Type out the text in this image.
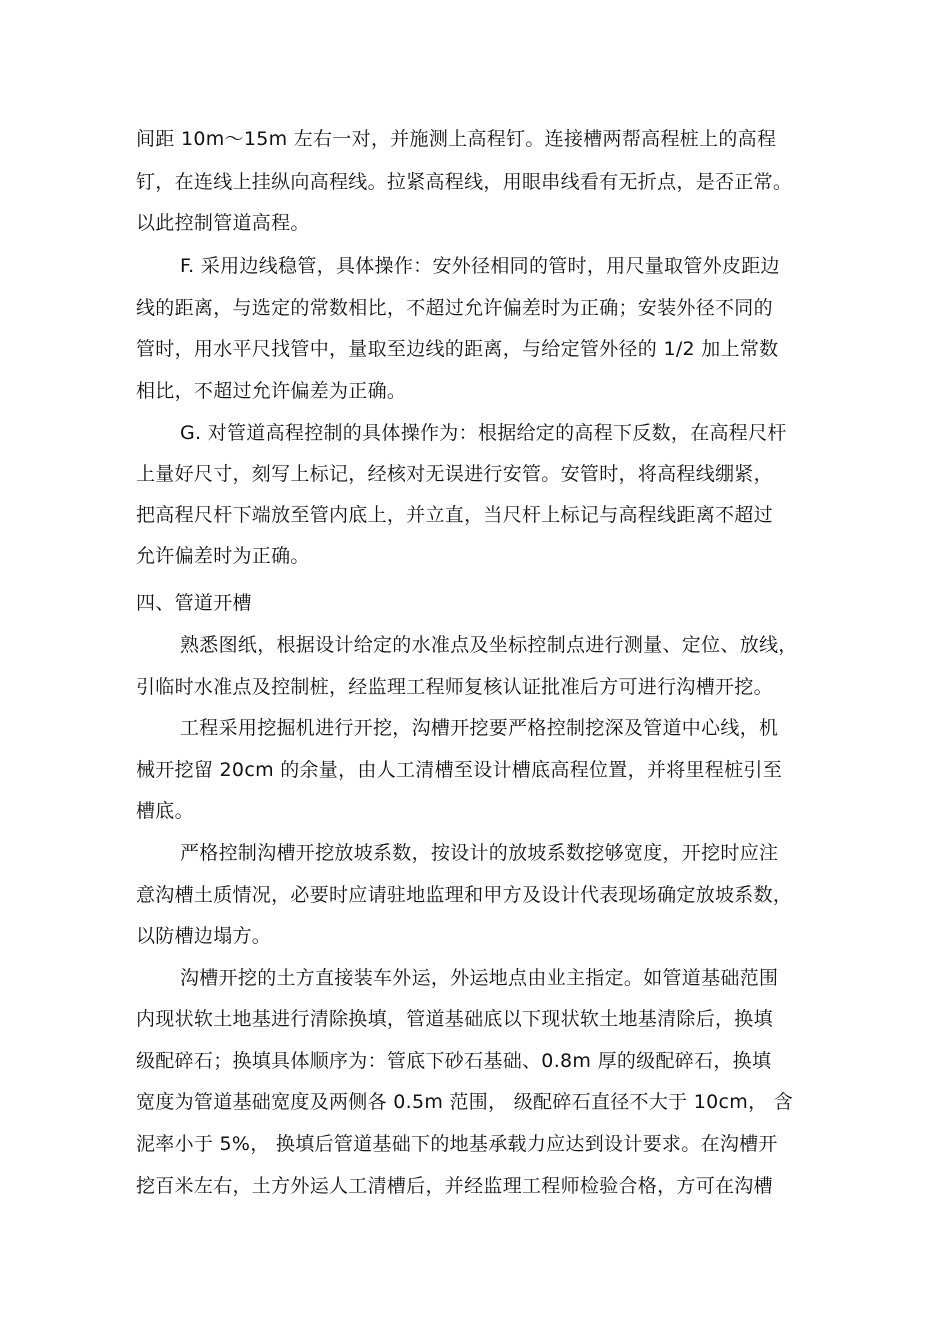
间距 10m～15m 左右一对，并施测上高程钉。连接槽两帮高程桩上的高程

钉，在连线上挂纵向高程线。拉紧高程线，用眼串线看有无折点，是否正常。

以此控制管道高程。

F. 采用边线稳管，具体操作：安外径相同的管时，用尺量取管外皮距边

线的距离，与选定的常数相比，不超过允许偏差时为正确；安装外径不同的

管时，用水平尺找管中，量取至边线的距离，与给定管外径的 1/2 加上常数

相比，不超过允许偏差为正确。

G. 对管道高程控制的具体操作为：根据给定的高程下反数，在高程尺杆

上量好尺寸，刻写上标记，经核对无误进行安管。安管时，将高程线绷紧，

把高程尺杆下端放至管内底上，并立直，当尺杆上标记与高程线距离不超过

允许偏差时为正确。

四、管道开槽

熟悉图纸，根据设计给定的水准点及坐标控制点进行测量、定位、放线，

引临时水准点及控制桩，经监理工程师复核认证批准后方可进行沟槽开挖。

工程采用挖掘机进行开挖，沟槽开挖要严格控制挖深及管道中心线，机

械开挖留 20cm 的余量，由人工清槽至设计槽底高程位置，并将里程桩引至

槽底。

严格控制沟槽开挖放坡系数，按设计的放坡系数挖够宽度，开挖时应注

意沟槽土质情况，必要时应请驻地监理和甲方及设计代表现场确定放坡系数，

以防槽边塌方。

沟槽开挖的土方直接装车外运，外运地点由业主指定。如管道基础范围

内现状软土地基进行清除换填，管道基础底以下现状软土地基清除后，换填

级配碎石；换填具体顺序为：管底下砂石基础、0.8m 厚的级配碎石，换填

宽度为管道基础宽度及两侧各 0.5m 范围， 级配碎石直径不大于 10cm， 含

泥率小于 5%， 换填后管道基础下的地基承载力应达到设计要求。在沟槽开

挖百米左右，土方外运人工清槽后，并经监理工程师检验合格，方可在沟槽
